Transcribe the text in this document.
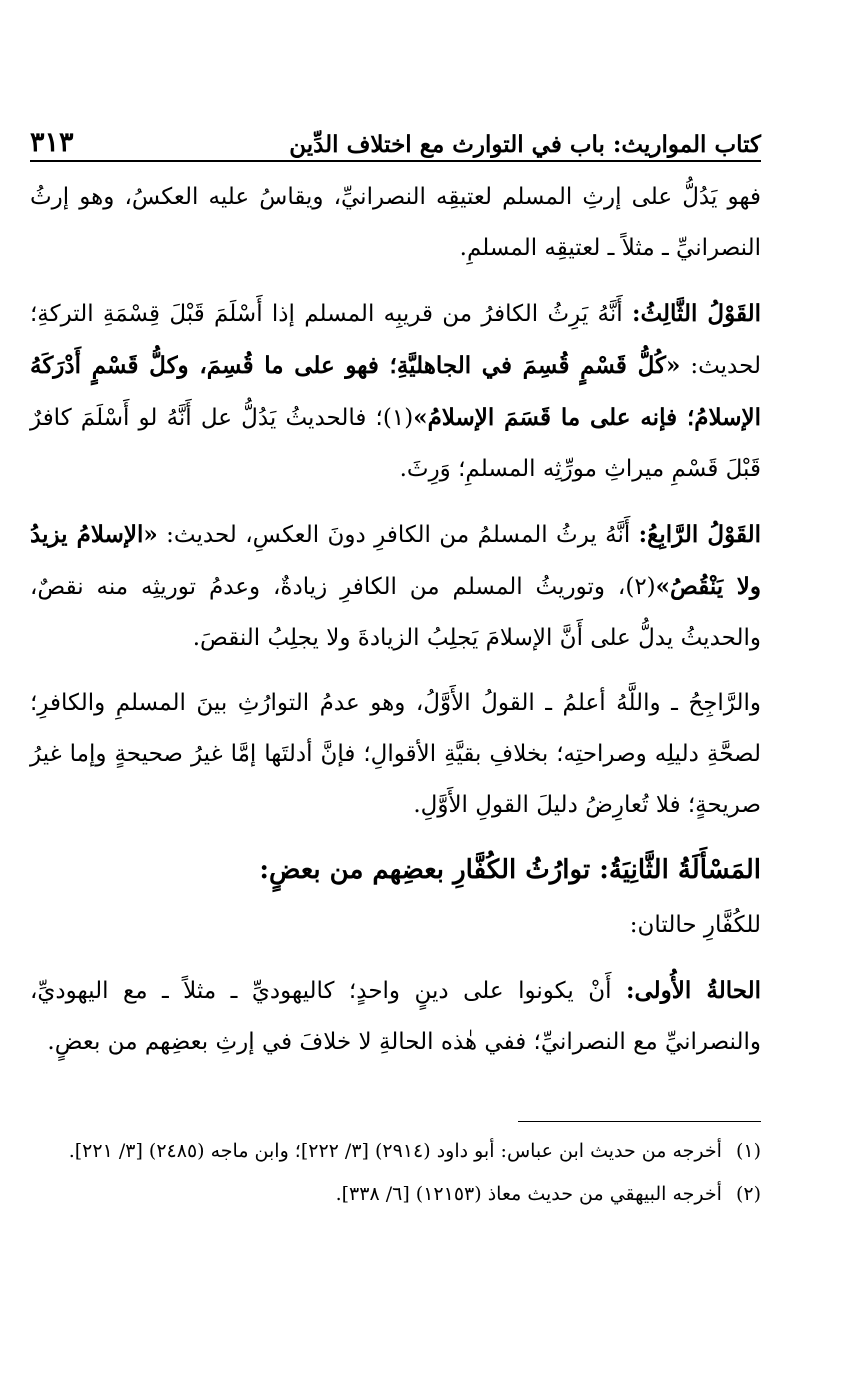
كتاب المواريث: باب في التوارث مع اختلاف الدِّين
٣١٣

فهو يَدُلُّ على إرثِ المسلم لعتيقِه النصرانيِّ، ويقاسُ عليه العكسُ، وهو إرثُ النصرانيِّ ـ مثلاً ـ لعتيقِه المسلمِ.

القَوْلُ الثَّالِثُ: أَنَّهُ يَرِثُ الكافرُ من قريبِه المسلم إذا أَسْلَمَ قَبْلَ قِسْمَةِ التركةِ؛ لحديث: «كُلُّ قَسْمٍ قُسِمَ في الجاهليَّةِ؛ فهو على ما قُسِمَ، وكلُّ قَسْمٍ أَدْرَكَهُ الإسلامُ؛ فإنه على ما قَسَمَ الإسلامُ»(١)؛ فالحديثُ يَدُلُّ عل أَنَّهُ لو أَسْلَمَ كافرٌ قَبْلَ قَسْمِ ميراثِ مورِّثِه المسلمِ؛ وَرِثَ.

القَوْلُ الرَّابِعُ: أَنَّهُ يرثُ المسلمُ من الكافرِ دونَ العكسِ، لحديث: «الإسلامُ يزيدُ ولا يَنْقُصُ»(٢)، وتوريثُ المسلم من الكافرِ زيادةٌ، وعدمُ توريثِه منه نقصٌ، والحديثُ يدلُّ على أَنَّ الإسلامَ يَجلِبُ الزيادةَ ولا يجلِبُ النقصَ.

والرَّاجِحُ ـ واللَّهُ أعلمُ ـ القولُ الأَوَّلُ، وهو عدمُ التوارُثِ بينَ المسلمِ والكافرِ؛ لصحَّةِ دليلِه وصراحتِه؛ بخلافِ بقيَّةِ الأقوالِ؛ فإنَّ أدلتَها إمَّا غيرُ صحيحةٍ وإما غيرُ صريحةٍ؛ فلا تُعارِضُ دليلَ القولِ الأَوَّلِ.

المَسْأَلَةُ الثَّانِيَةُ: توارُثُ الكُفَّارِ بعضِهم من بعضٍ:

للكُفَّارِ حالتان:

الحالةُ الأُولى: أَنْ يكونوا على دينٍ واحدٍ؛ كاليهوديِّ ـ مثلاً ـ مع اليهوديِّ، والنصرانيِّ مع النصرانيِّ؛ ففي هٰذه الحالةِ لا خلافَ في إرثِ بعضِهم من بعضٍ.

(١)أخرجه من حديث ابن عباس: أبو داود (٢٩١٤) [٣/ ٢٢٢]؛ وابن ماجه (٢٤٨٥) [٣/ ٢٢١].
(٢)أخرجه البيهقي من حديث معاذ (١٢١٥٣) [٦/ ٣٣٨].
